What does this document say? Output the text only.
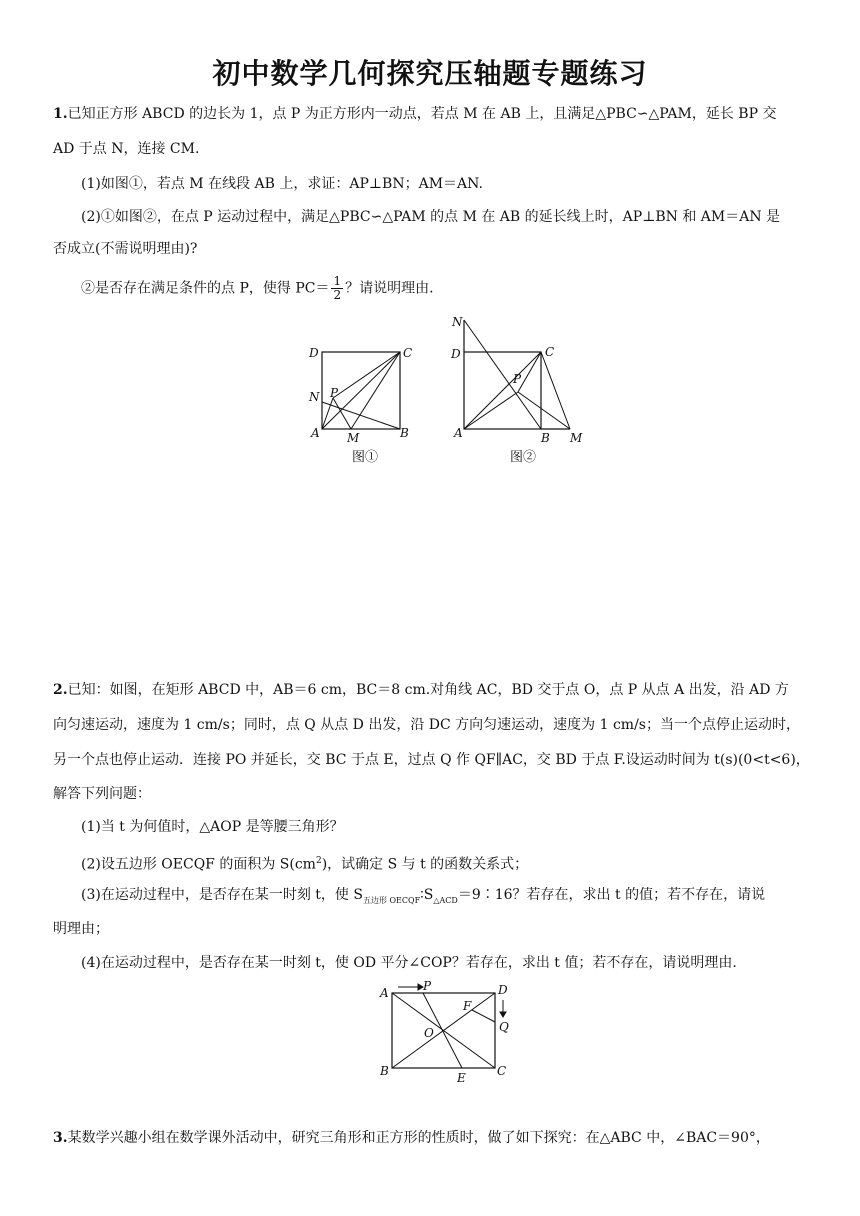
初中数学几何探究压轴题专题练习
1.已知正方形 ABCD 的边长为 1，点 P 为正方形内一动点，若点 M 在 AB 上，且满足△PBC∽△PAM，延长 BP 交
AD 于点 N，连接 CM.
(1)如图①，若点 M 在线段 AB 上，求证：AP⊥BN；AM＝AN.
(2)①如图②，在点 P 运动过程中，满足△PBC∽△PAM 的点 M 在 AB 的延长线上时，AP⊥BN 和 AM＝AN 是
否成立(不需说明理由)?
②是否存在满足条件的点 P，使得 $PC= \frac{1}{2}$ ？请说明理由.
D	C
N P
A M	B
图①
N
D	C
P
A	B M
图②
2.已知：如图，在矩形 ABCD 中，AB＝6 cm，BC＝8 cm.对角线 AC，BD 交于点 O，点 P 从点 A 出发，沿 AD 方
向匀速运动，速度为 1 cm/s；同时，点 Q 从点 D 出发，沿 DC 方向匀速运动，速度为 1 cm/s；当一个点停止运动时，
另一个点也停止运动．连接 PO 并延长，交 BC 于点 E，过点 Q 作 QF∥AC，交 BD 于点 F.设运动时间为 t(s)(0<t<6)，
解答下列问题：
(1)当 t 为何值时，△AOP 是等腰三角形？
(2)设五边形 OECQF 的面积为 $S(cm^2)$，试确定 S 与 t 的函数关系式；
(3)在运动过程中，是否存在某一时刻 t，使 $S_{五边形 OECQF}∶S_{\triangle ACD}=9∶16$？若存在，求出 t 的值；若不存在，请说
明理由；
(4)在运动过程中，是否存在某一时刻 t，使 OD 平分∠COP？若存在，求出 t 值；若不存在，请说明理由.
A	P
F
D
Q
O
B	E	C
3.某数学兴趣小组在数学课外活动中，研究三角形和正方形的性质时，做了如下探究：在△ABC 中，∠BAC＝90°，
